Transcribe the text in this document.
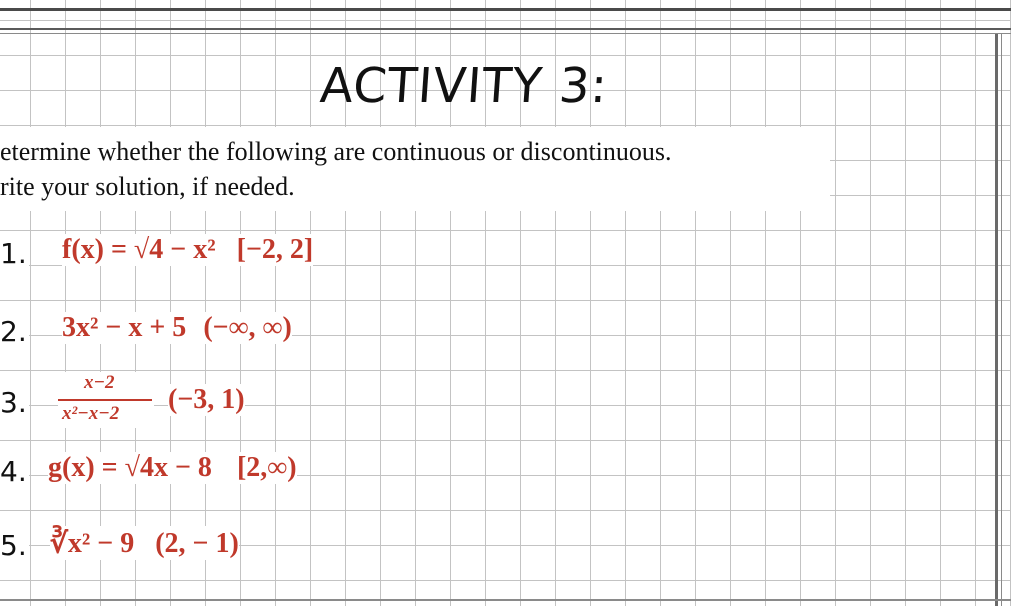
ACTIVITY 3:
etermine whether the following are continuous or discontinuous.
rite your solution, if needed.
1. f(x) = √4 − x² [−2, 2]
2. 3x² − x + 5 (−∞, ∞)
3.
x−2
x²−x−2 (−3, 1)
4. g(x) = √4x − 8 [2,∞)
5. ∛x² − 9 (2, − 1)
